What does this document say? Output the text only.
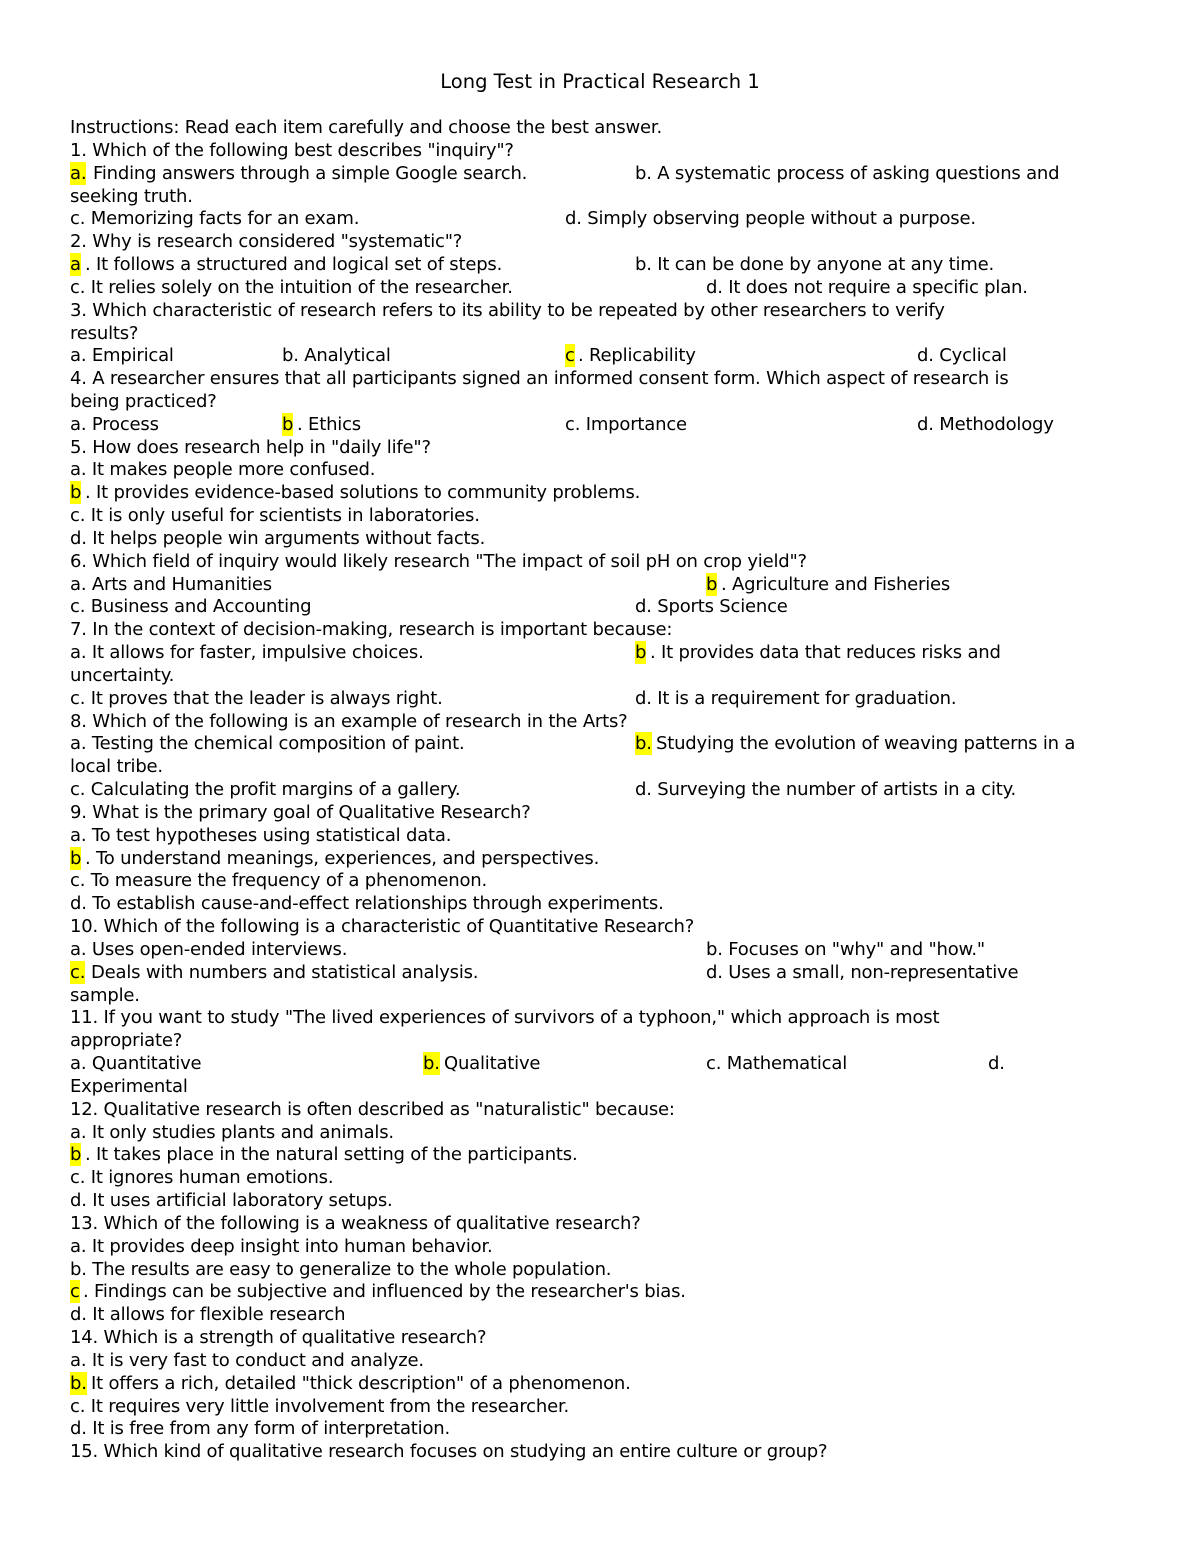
Long Test in Practical Research 1
Instructions: Read each item carefully and choose the best answer.
1. Which of the following best describes "inquiry"?
a. Finding answers through a simple Google search.	b. A systematic process of asking questions and
seeking truth.
c. Memorizing facts for an exam.	d. Simply observing people without a purpose.
2. Why is research considered "systematic"?
a . It follows a structured and logical set of steps.	b. It can be done by anyone at any time.
c. It relies solely on the intuition of the researcher.	d. It does not require a specific plan.
3. Which characteristic of research refers to its ability to be repeated by other researchers to verify
results?
a. Empirical	b. Analytical	c . Replicability	d. Cyclical
4. A researcher ensures that all participants signed an informed consent form. Which aspect of research is
being practiced?
a. Process	b . Ethics	c. Importance	d. Methodology
5. How does research help in "daily life"?
a. It makes people more confused.
b . It provides evidence-based solutions to community problems.
c. It is only useful for scientists in laboratories.
d. It helps people win arguments without facts.
6. Which field of inquiry would likely research "The impact of soil pH on crop yield"?
a. Arts and Humanities	b . Agriculture and Fisheries
c. Business and Accounting	d. Sports Science
7. In the context of decision-making, research is important because:
a. It allows for faster, impulsive choices.	b . It provides data that reduces risks and
uncertainty.
c. It proves that the leader is always right.	d. It is a requirement for graduation.
8. Which of the following is an example of research in the Arts?
a. Testing the chemical composition of paint.	b. Studying the evolution of weaving patterns in a
local tribe.
c. Calculating the profit margins of a gallery.	d. Surveying the number of artists in a city.
9. What is the primary goal of Qualitative Research?
a. To test hypotheses using statistical data.
b . To understand meanings, experiences, and perspectives.
c. To measure the frequency of a phenomenon.
d. To establish cause-and-effect relationships through experiments.
10. Which of the following is a characteristic of Quantitative Research?
a. Uses open-ended interviews.	b. Focuses on "why" and "how."
c. Deals with numbers and statistical analysis.	d. Uses a small, non-representative
sample.
11. If you want to study "The lived experiences of survivors of a typhoon," which approach is most
appropriate?
a. Quantitative	b. Qualitative	c. Mathematical	d.
Experimental
12. Qualitative research is often described as "naturalistic" because:
a. It only studies plants and animals.
b . It takes place in the natural setting of the participants.
c. It ignores human emotions.
d. It uses artificial laboratory setups.
13. Which of the following is a weakness of qualitative research?
a. It provides deep insight into human behavior.
b. The results are easy to generalize to the whole population.
c . Findings can be subjective and influenced by the researcher's bias.
d. It allows for flexible research
14. Which is a strength of qualitative research?
a. It is very fast to conduct and analyze.
b. It offers a rich, detailed "thick description" of a phenomenon.
c. It requires very little involvement from the researcher.
d. It is free from any form of interpretation.
15. Which kind of qualitative research focuses on studying an entire culture or group?
